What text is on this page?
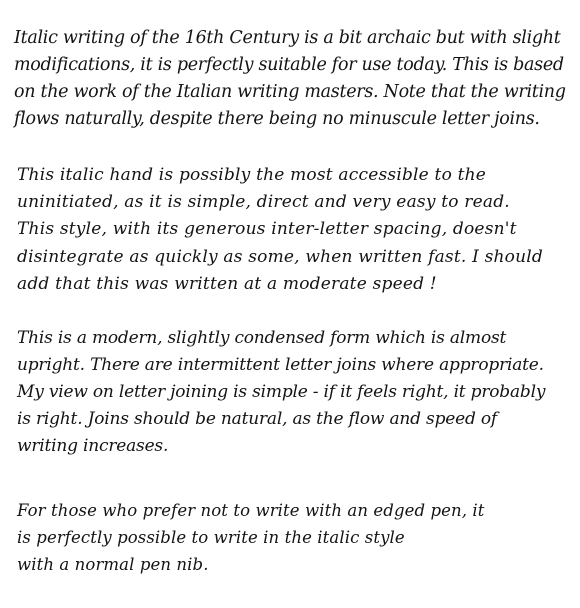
Italic writing of the 16th Century is a bit archaic but with slight
modifications, it is perfectly suitable for use today. This is based
on the work of the Italian writing masters. Note that the writing
flows naturally, despite there being no minuscule letter joins.
This italic hand is possibly the most accessible to the
uninitiated, as it is simple, direct and very easy to read.
This style, with its generous inter-letter spacing, doesn't
disintegrate as quickly as some, when written fast. I should
add that this was written at a moderate speed !
This is a modern, slightly condensed form which is almost
upright. There are intermittent letter joins where appropriate.
My view on letter joining is simple - if it feels right, it probably
is right. Joins should be natural, as the flow and speed of
writing increases.
For those who prefer not to write with an edged pen, it
is perfectly possible to write in the italic style
with a normal pen nib.
